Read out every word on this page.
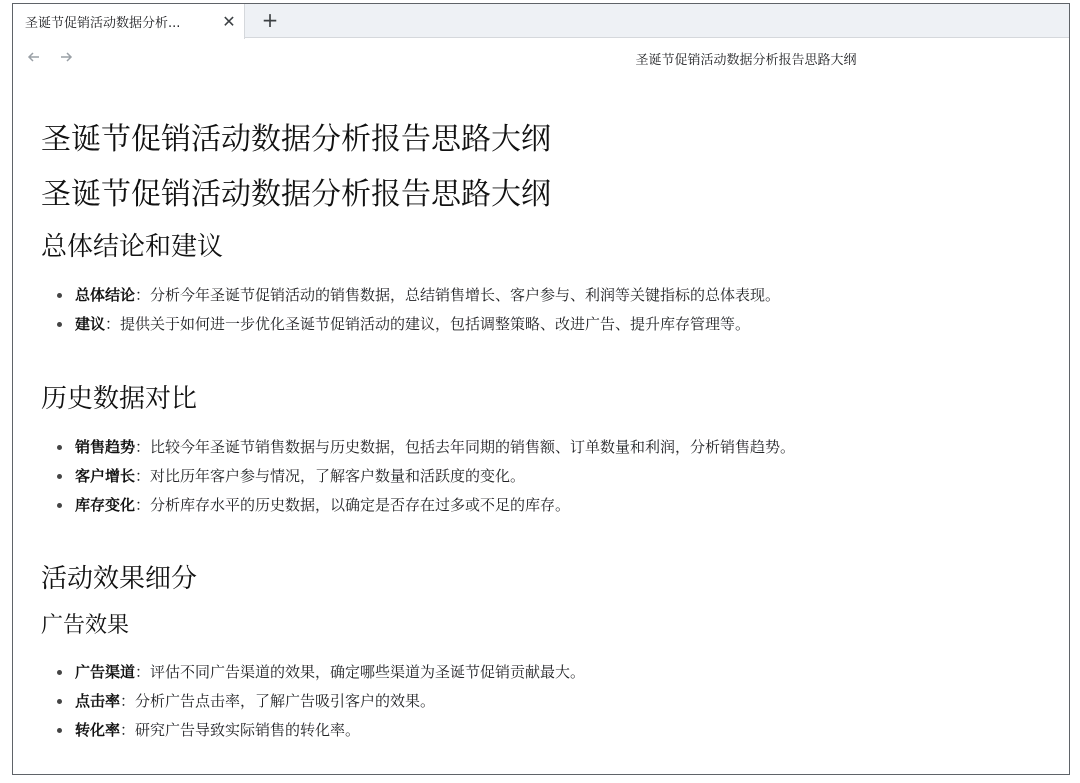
圣诞节促销活动数据分析...	✕ +
圣诞节促销活动数据分析报告思路大纲
圣诞节促销活动数据分析报告思路大纲
圣诞节促销活动数据分析报告思路大纲
总体结论和建议
总体结论：分析今年圣诞节促销活动的销售数据，总结销售增长、客户参与、利润等关键指标的总体表现。
建议：提供关于如何进一步优化圣诞节促销活动的建议，包括调整策略、改进广告、提升库存管理等。
历史数据对比
销售趋势：比较今年圣诞节销售数据与历史数据，包括去年同期的销售额、订单数量和利润，分析销售趋势。
客户增长：对比历年客户参与情况，了解客户数量和活跃度的变化。
库存变化：分析库存水平的历史数据，以确定是否存在过多或不足的库存。
活动效果细分
广告效果
广告渠道：评估不同广告渠道的效果，确定哪些渠道为圣诞节促销贡献最大。
点击率：分析广告点击率，了解广告吸引客户的效果。
转化率：研究广告导致实际销售的转化率。
